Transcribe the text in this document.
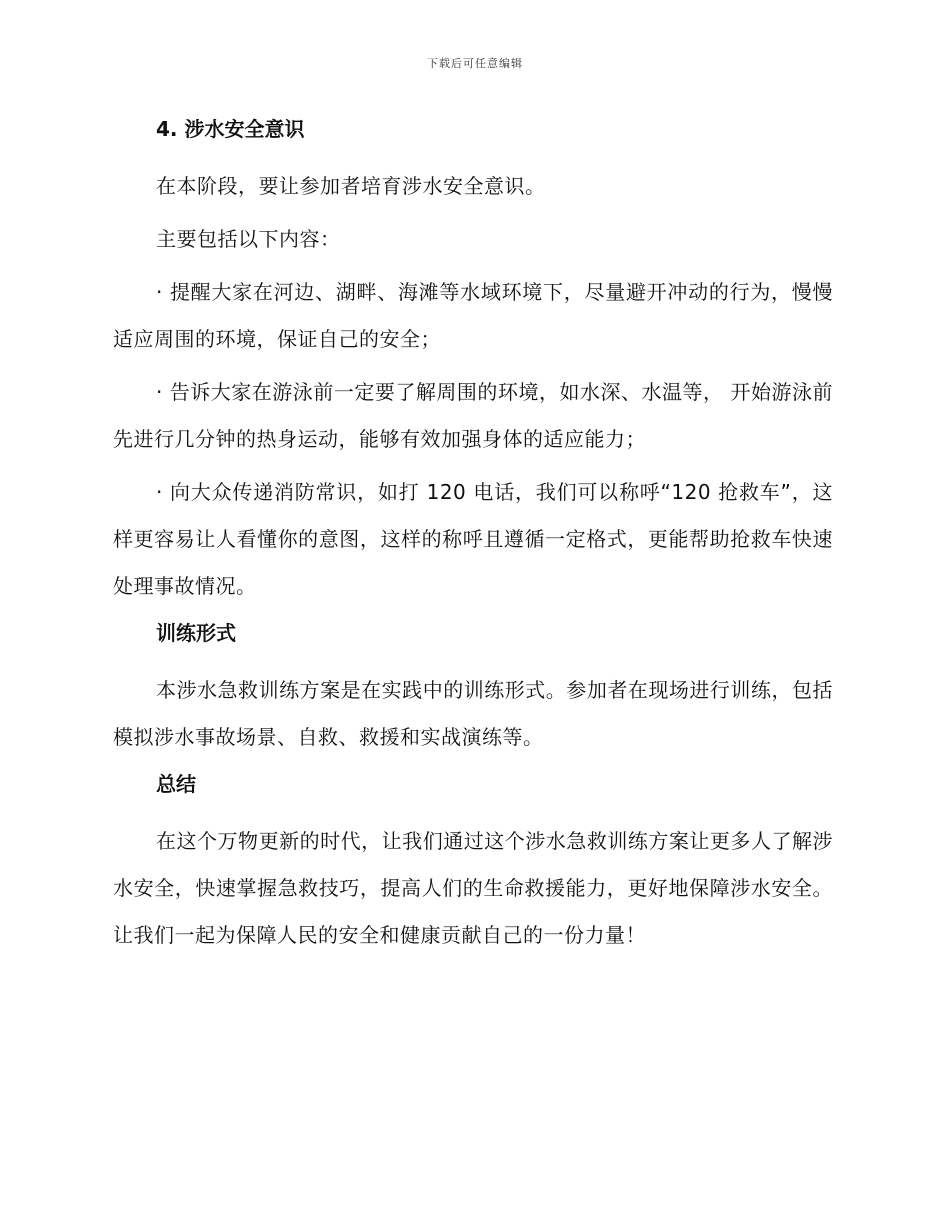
下载后可任意编辑
4. 涉水安全意识

在本阶段，要让参加者培育涉水安全意识。

主要包括以下内容：

· 提醒大家在河边、湖畔、海滩等水域环境下，尽量避开冲动的行为，慢慢适应周围的环境，保证自己的安全；

· 告诉大家在游泳前一定要了解周围的环境，如水深、水温等， 开始游泳前先进行几分钟的热身运动，能够有效加强身体的适应能力；

· 向大众传递消防常识，如打 120 电话，我们可以称呼“120 抢救车”，这样更容易让人看懂你的意图，这样的称呼且遵循一定格式，更能帮助抢救车快速处理事故情况。

训练形式

本涉水急救训练方案是在实践中的训练形式。参加者在现场进行训练，包括模拟涉水事故场景、自救、救援和实战演练等。

总结

在这个万物更新的时代，让我们通过这个涉水急救训练方案让更多人了解涉水安全，快速掌握急救技巧，提高人们的生命救援能力，更好地保障涉水安全。让我们一起为保障人民的安全和健康贡献自己的一份力量！
